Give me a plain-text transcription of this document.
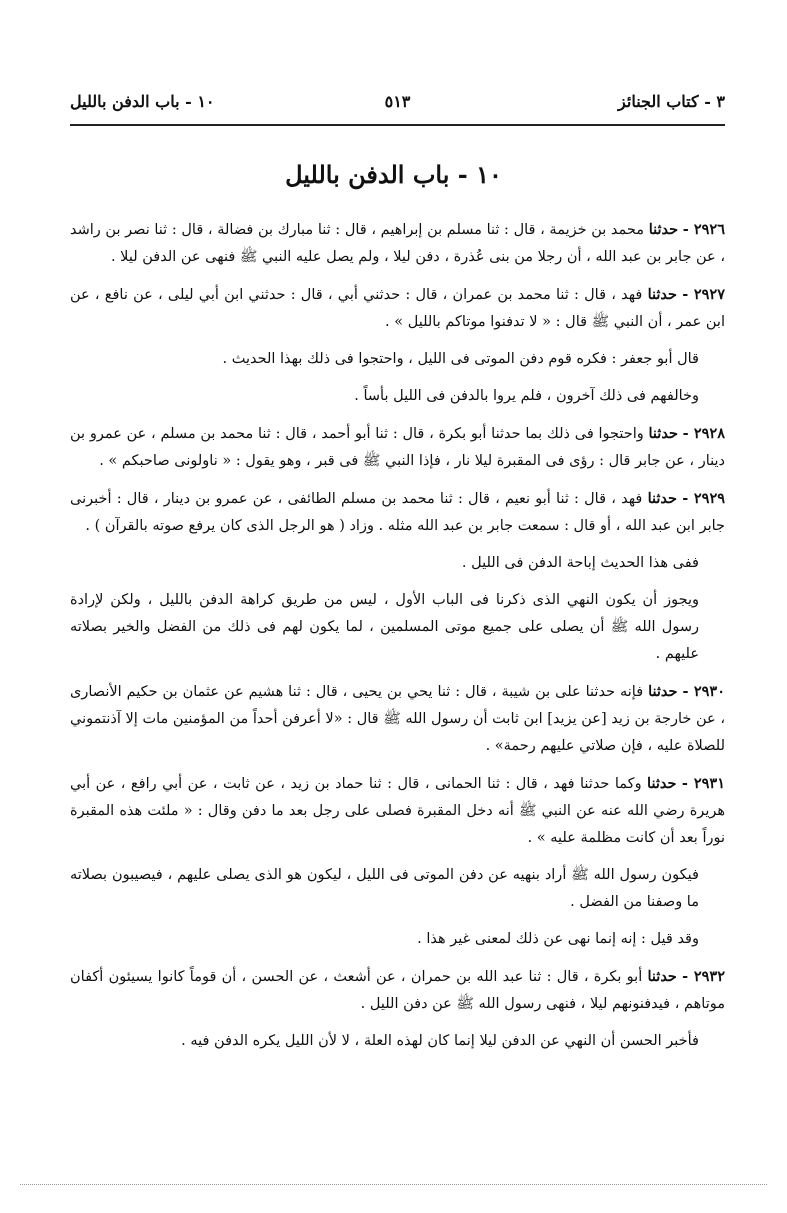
٣ - كتاب الجنائز
٥١٣
١٠ - باب الدفن بالليل
١٠ - باب الدفن بالليل

٢٩٢٦ - حدثنا محمد بن خزيمة ، قال : ثنا مسلم بن إبراهيم ، قال : ثنا مبارك بن فضالة ، قال : ثنا نصر بن راشد ، عن جابر بن عبد الله ، أن رجلا من بنى عُذرة ، دفن ليلا ، ولم يصل عليه النبي ﷺ فنهى عن الدفن ليلا .

٢٩٢٧ - حدثنا فهد ، قال : ثنا محمد بن عمران ، قال : حدثني أبي ، قال : حدثني ابن أبي ليلى ، عن نافع ، عن ابن عمر ، أن النبي ﷺ قال : « لا تدفنوا موتاكم بالليل » .

قال أبو جعفر : فكره قوم دفن الموتى فى الليل ، واحتجوا فى ذلك بهذا الحديث .

وخالفهم فى ذلك آخرون ، فلم يروا بالدفن فى الليل بأساً .

٢٩٢٨ - حدثنا واحتجوا فى ذلك بما حدثنا أبو بكرة ، قال : ثنا أبو أحمد ، قال : ثنا محمد بن مسلم ، عن عمرو بن دينار ، عن جابر قال : رؤى فى المقبرة ليلا نار ، فإذا النبي ﷺ فى قبر ، وهو يقول : « ناولونى صاحبكم » .

٢٩٢٩ - حدثنا فهد ، قال : ثنا أبو نعيم ، قال : ثنا محمد بن مسلم الطائفى ، عن عمرو بن دينار ، قال : أخبرنى جابر ابن عبد الله ، أو قال : سمعت جابر بن عبد الله مثله . وزاد ( هو الرجل الذى كان يرفع صوته بالقرآن ) .

ففى هذا الحديث إباحة الدفن فى الليل .

ويجوز أن يكون النهي الذى ذكرنا فى الباب الأول ، ليس من طريق كراهة الدفن بالليل ، ولكن لإرادة رسول الله ﷺ أن يصلى على جميع موتى المسلمين ، لما يكون لهم فى ذلك من الفضل والخير بصلاته عليهم .

٢٩٣٠ - حدثنا فإنه حدثنا على بن شيبة ، قال : ثنا يحي بن يحيى ، قال : ثنا هشيم عن عثمان بن حكيم الأنصارى ، عن خارجة بن زيد [عن يزيد] ابن ثابت أن رسول الله ﷺ قال : «لا أعرفن أحداً من المؤمنين مات إلا آذنتموني للصلاة عليه ، فإن صلاتي عليهم رحمة» .

٢٩٣١ - حدثنا وكما حدثنا فهد ، قال : ثنا الحمانى ، قال : ثنا حماد بن زيد ، عن ثابت ، عن أبي رافع ، عن أبي هريرة رضي الله عنه عن النبي ﷺ أنه دخل المقبرة فصلى على رجل بعد ما دفن وقال : « ملئت هذه المقبرة نوراً بعد أن كانت مظلمة عليه » .

فيكون رسول الله ﷺ أراد بنهيه عن دفن الموتى فى الليل ، ليكون هو الذى يصلى عليهم ، فيصيبون بصلاته ما وصفنا من الفضل .

وقد قيل : إنه إنما نهى عن ذلك لمعنى غير هذا .

٢٩٣٢ - حدثنا أبو بكرة ، قال : ثنا عبد الله بن حمران ، عن أشعث ، عن الحسن ، أن قوماً كانوا يسيئون أكفان موتاهم ، فيدفنونهم ليلا ، فنهى رسول الله ﷺ عن دفن الليل .

فأخبر الحسن أن النهي عن الدفن ليلا إنما كان لهذه العلة ، لا لأن الليل يكره الدفن فيه .
